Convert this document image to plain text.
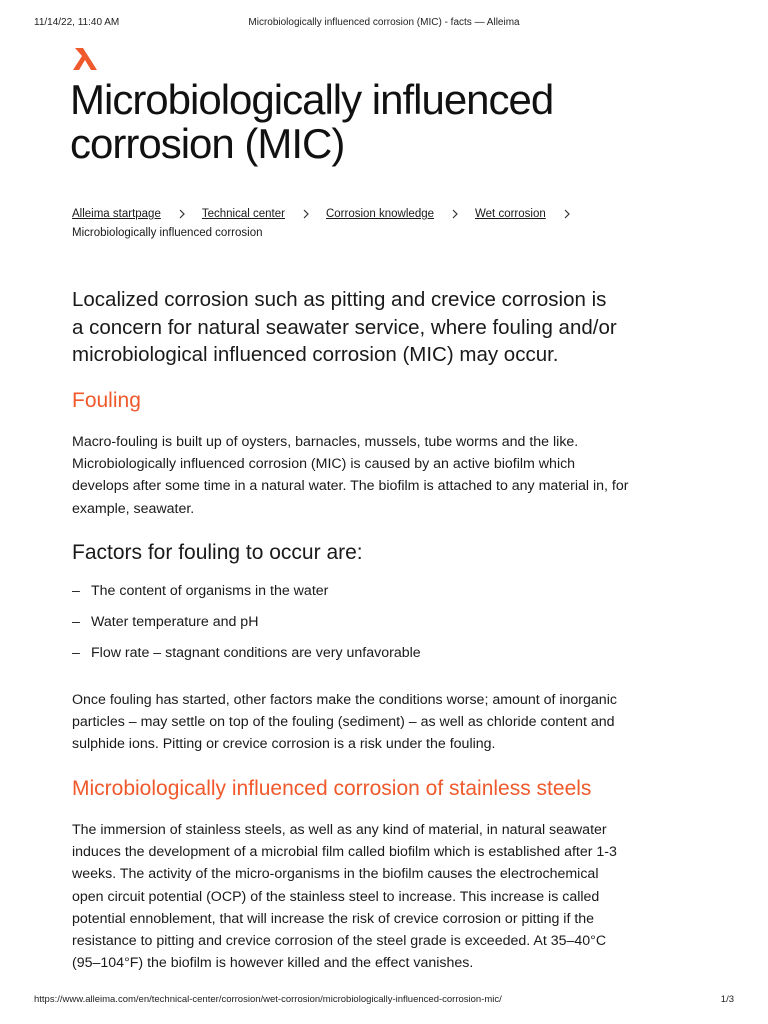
11/14/22, 11:40 AM	Microbiologically influenced corrosion (MIC) - facts — Alleima
Microbiologically influenced
corrosion (MIC)
Alleima startpage	Technical center	Corrosion knowledge	Wet corrosion
Microbiologically influenced corrosion

Localized corrosion such as pitting and crevice corrosion is
a concern for natural seawater service, where fouling and/or
microbiological influenced corrosion (MIC) may occur.

Fouling

Macro-fouling is built up of oysters, barnacles, mussels, tube worms and the like.
Microbiologically influenced corrosion (MIC) is caused by an active biofilm which
develops after some time in a natural water. The biofilm is attached to any material in, for
example, seawater.

Factors for fouling to occur are:
– The content of organisms in the water
– Water temperature and pH
– Flow rate – stagnant conditions are very unfavorable

Once fouling has started, other factors make the conditions worse; amount of inorganic
particles – may settle on top of the fouling (sediment) – as well as chloride content and
sulphide ions. Pitting or crevice corrosion is a risk under the fouling.

Microbiologically influenced corrosion of stainless steels

The immersion of stainless steels, as well as any kind of material, in natural seawater
induces the development of a microbial film called biofilm which is established after 1-3
weeks. The activity of the micro-organisms in the biofilm causes the electrochemical
open circuit potential (OCP) of the stainless steel to increase. This increase is called
potential ennoblement, that will increase the risk of crevice corrosion or pitting if the
resistance to pitting and crevice corrosion of the steel grade is exceeded. At 35–40°C
(95–104°F) the biofilm is however killed and the effect vanishes.

https://www.alleima.com/en/technical-center/corrosion/wet-corrosion/microbiologically-influenced-corrosion-mic/	1/3
